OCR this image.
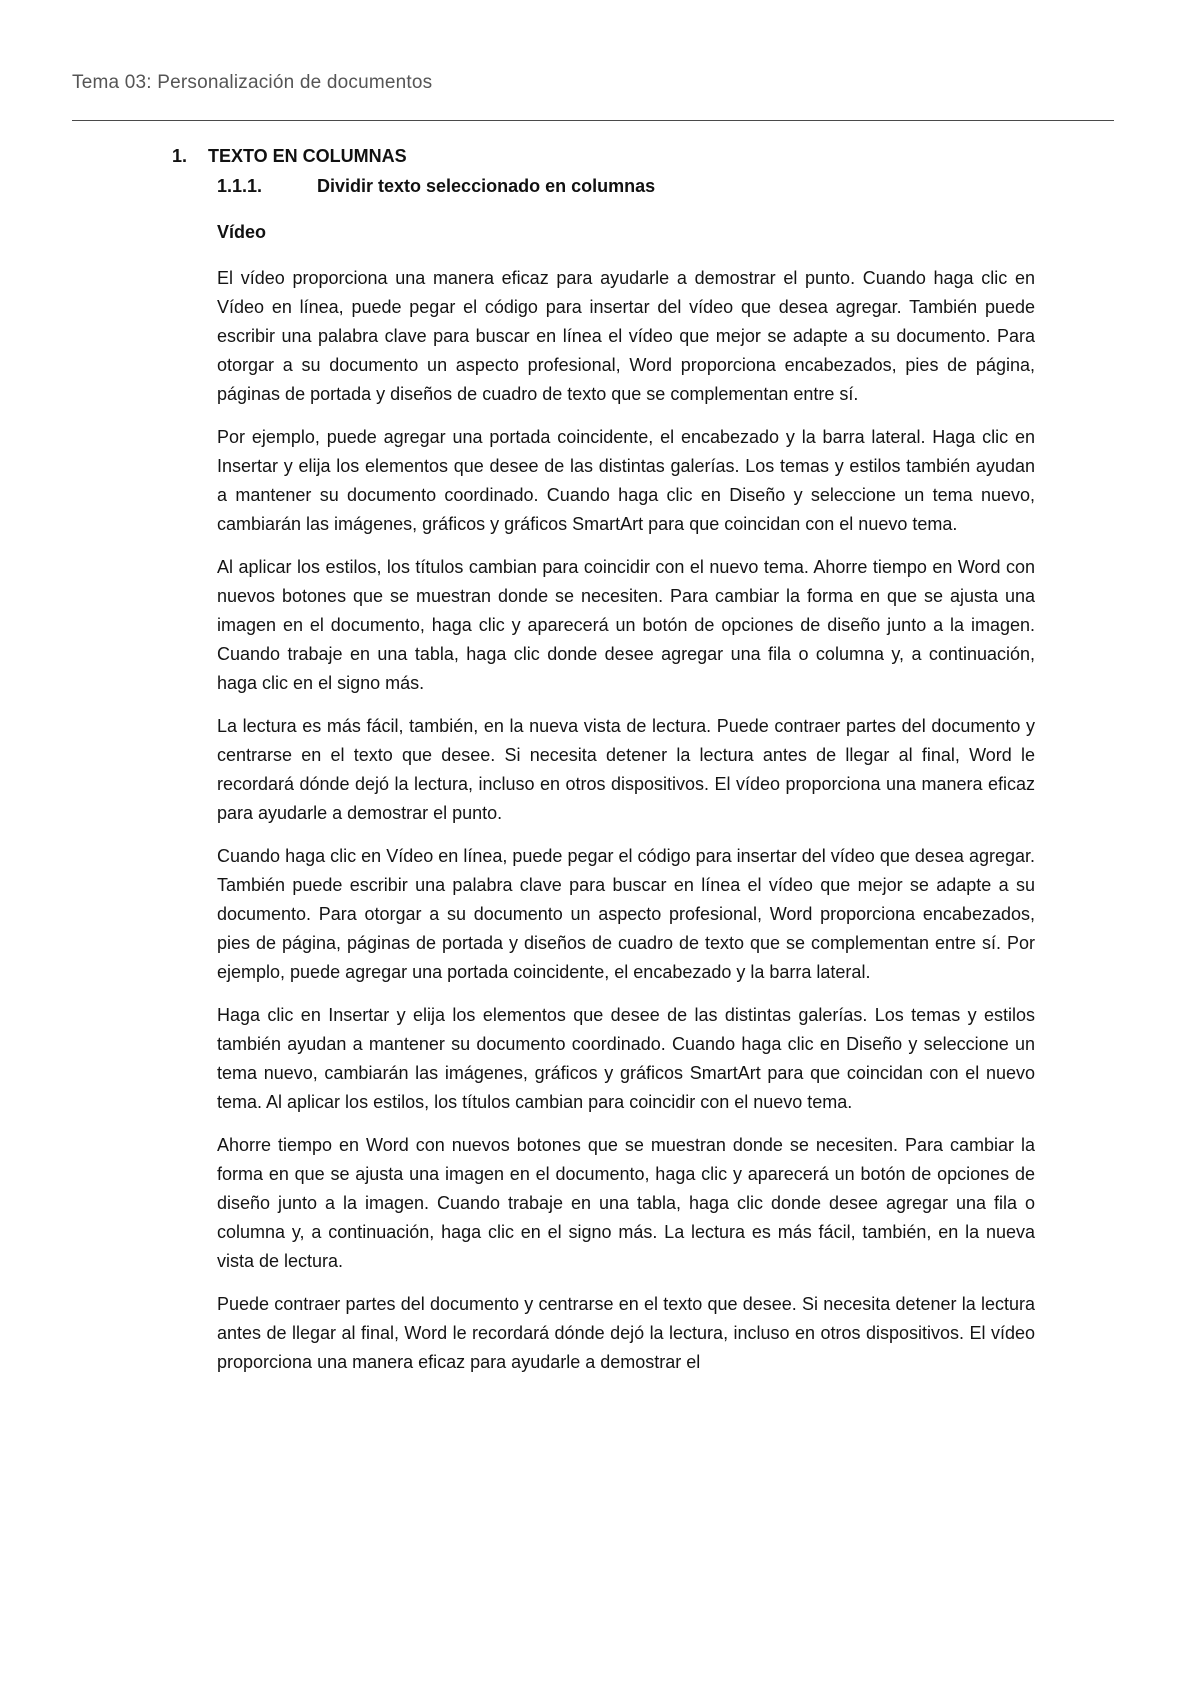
Tema 03: Personalización de documentos
1. TEXTO EN COLUMNAS
1.1.1.	Dividir texto seleccionado en columnas
Vídeo

El vídeo proporciona una manera eficaz para ayudarle a demostrar el punto. Cuando haga clic en Vídeo en línea, puede pegar el código para insertar del vídeo que desea agregar. También puede escribir una palabra clave para buscar en línea el vídeo que mejor se adapte a su documento. Para otorgar a su documento un aspecto profesional, Word proporciona encabezados, pies de página, páginas de portada y diseños de cuadro de texto que se complementan entre sí.

Por ejemplo, puede agregar una portada coincidente, el encabezado y la barra lateral. Haga clic en Insertar y elija los elementos que desee de las distintas galerías. Los temas y estilos también ayudan a mantener su documento coordinado. Cuando haga clic en Diseño y seleccione un tema nuevo, cambiarán las imágenes, gráficos y gráficos SmartArt para que coincidan con el nuevo tema.

Al aplicar los estilos, los títulos cambian para coincidir con el nuevo tema. Ahorre tiempo en Word con nuevos botones que se muestran donde se necesiten. Para cambiar la forma en que se ajusta una imagen en el documento, haga clic y aparecerá un botón de opciones de diseño junto a la imagen. Cuando trabaje en una tabla, haga clic donde desee agregar una fila o columna y, a continuación, haga clic en el signo más.

La lectura es más fácil, también, en la nueva vista de lectura. Puede contraer partes del documento y centrarse en el texto que desee. Si necesita detener la lectura antes de llegar al final, Word le recordará dónde dejó la lectura, incluso en otros dispositivos. El vídeo proporciona una manera eficaz para ayudarle a demostrar el punto.

Cuando haga clic en Vídeo en línea, puede pegar el código para insertar del vídeo que desea agregar. También puede escribir una palabra clave para buscar en línea el vídeo que mejor se adapte a su documento. Para otorgar a su documento un aspecto profesional, Word proporciona encabezados, pies de página, páginas de portada y diseños de cuadro de texto que se complementan entre sí. Por ejemplo, puede agregar una portada coincidente, el encabezado y la barra lateral.

Haga clic en Insertar y elija los elementos que desee de las distintas galerías. Los temas y estilos también ayudan a mantener su documento coordinado. Cuando haga clic en Diseño y seleccione un tema nuevo, cambiarán las imágenes, gráficos y gráficos SmartArt para que coincidan con el nuevo tema. Al aplicar los estilos, los títulos cambian para coincidir con el nuevo tema.

Ahorre tiempo en Word con nuevos botones que se muestran donde se necesiten. Para cambiar la forma en que se ajusta una imagen en el documento, haga clic y aparecerá un botón de opciones de diseño junto a la imagen. Cuando trabaje en una tabla, haga clic donde desee agregar una fila o columna y, a continuación, haga clic en el signo más. La lectura es más fácil, también, en la nueva vista de lectura.

Puede contraer partes del documento y centrarse en el texto que desee. Si necesita detener la lectura antes de llegar al final, Word le recordará dónde dejó la lectura, incluso en otros dispositivos. El vídeo proporciona una manera eficaz para ayudarle a demostrar el
